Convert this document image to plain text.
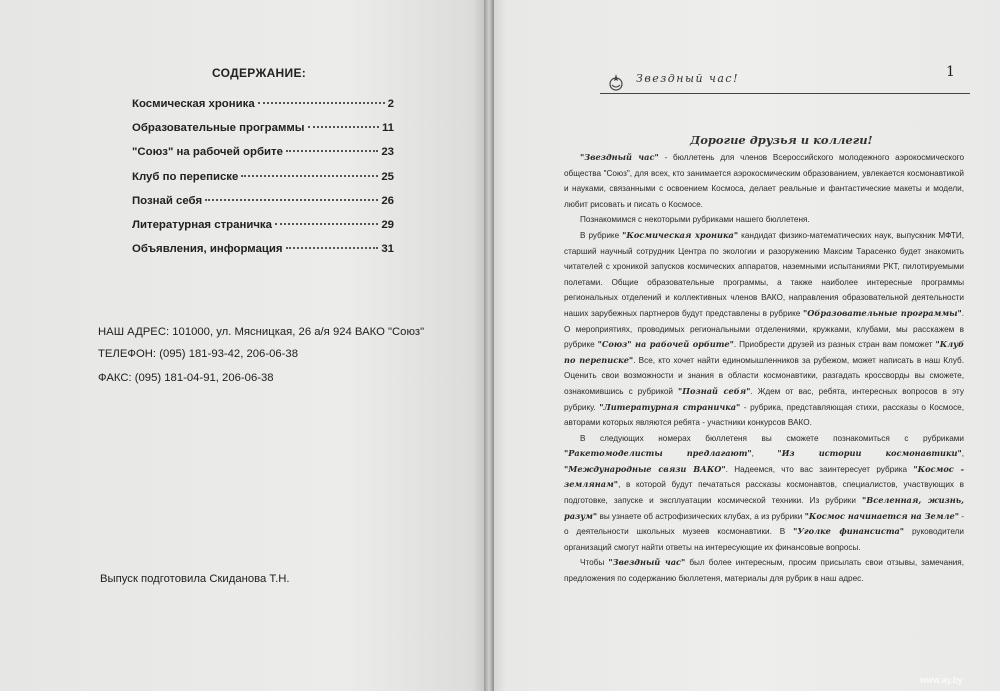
СОДЕРЖАНИЕ:
Космическая хроника	2
Образовательные программы	11
"Союз" на рабочей орбите	23
Клуб по переписке	25
Познай себя	26
Литературная страничка	29
Объявления, информация	31
НАШ АДРЕС: 101000, ул. Мясницкая, 26 а/я 924 ВАКО "Союз"
ТЕЛЕФОН: (095) 181-93-42, 206-06-38
ФАКС: (095) 181-04-91, 206-06-38
Выпуск подготовила Скиданова Т.Н.
Звездный час!	1
Дорогие друзья и коллеги!

"Звездный час" - бюллетень для членов Всероссийского молодежного аэрокосмического общества "Союз", для всех, кто занимается аэрокосмическим образованием, увлекается космонавтикой и науками, связанными с освоением Космоса, делает реальные и фантастические макеты и модели, любит рисовать и писать о Космосе.

Познакомимся с некоторыми рубриками нашего бюллетеня.

В рубрике "Космическая хроника" кандидат физико-математических наук, выпускник МФТИ, старший научный сотрудник Центра по экологии и разоружению Максим Тарасенко будет знакомить читателей с хроникой запусков космических аппаратов, наземными испытаниями РКТ, пилотируемыми полетами. Общие образовательные программы, а также наиболее интересные программы региональных отделений и коллективных членов ВАКО, направления образовательной деятельности наших зарубежных партнеров будут представлены в рубрике "Образовательные программы". О мероприятиях, проводимых региональными отделениями, кружками, клубами, мы расскажем в рубрике "Союз" на рабочей орбите". Приобрести друзей из разных стран вам поможет "Клуб по переписке". Все, кто хочет найти единомышленников за рубежом, может написать в наш Клуб. Оценить свои возможности и знания в области космонавтики, разгадать кроссворды вы сможете, ознакомившись с рубрикой "Познай себя". Ждем от вас, ребята, интересных вопросов в эту рубрику. "Литературная страничка" - рубрика, представляющая стихи, рассказы о Космосе, авторами которых являются ребята - участники конкурсов ВАКО.

В следующих номерах бюллетеня вы сможете познакомиться с рубриками "Ракетомоделисты предлагают", "Из истории космонавтики", "Международные связи ВАКО". Надеемся, что вас заинтересует рубрика "Космос - землянам", в которой будут печататься рассказы космонавтов, специалистов, участвующих в подготовке, запуске и эксплуатации космической техники. Из рубрики "Вселенная, жизнь, разум" вы узнаете об астрофизических клубах, а из рубрики "Космос начинается на Земле" - о деятельности школьных музеев космонавтики. В "Уголке финансиста" руководители организаций смогут найти ответы на интересующие их финансовые вопросы.

Чтобы "Звездный час" был более интересным, просим присылать свои отзывы, замечания, предложения по содержанию бюллетеня, материалы для рубрик в наш адрес.

www.ay.by
